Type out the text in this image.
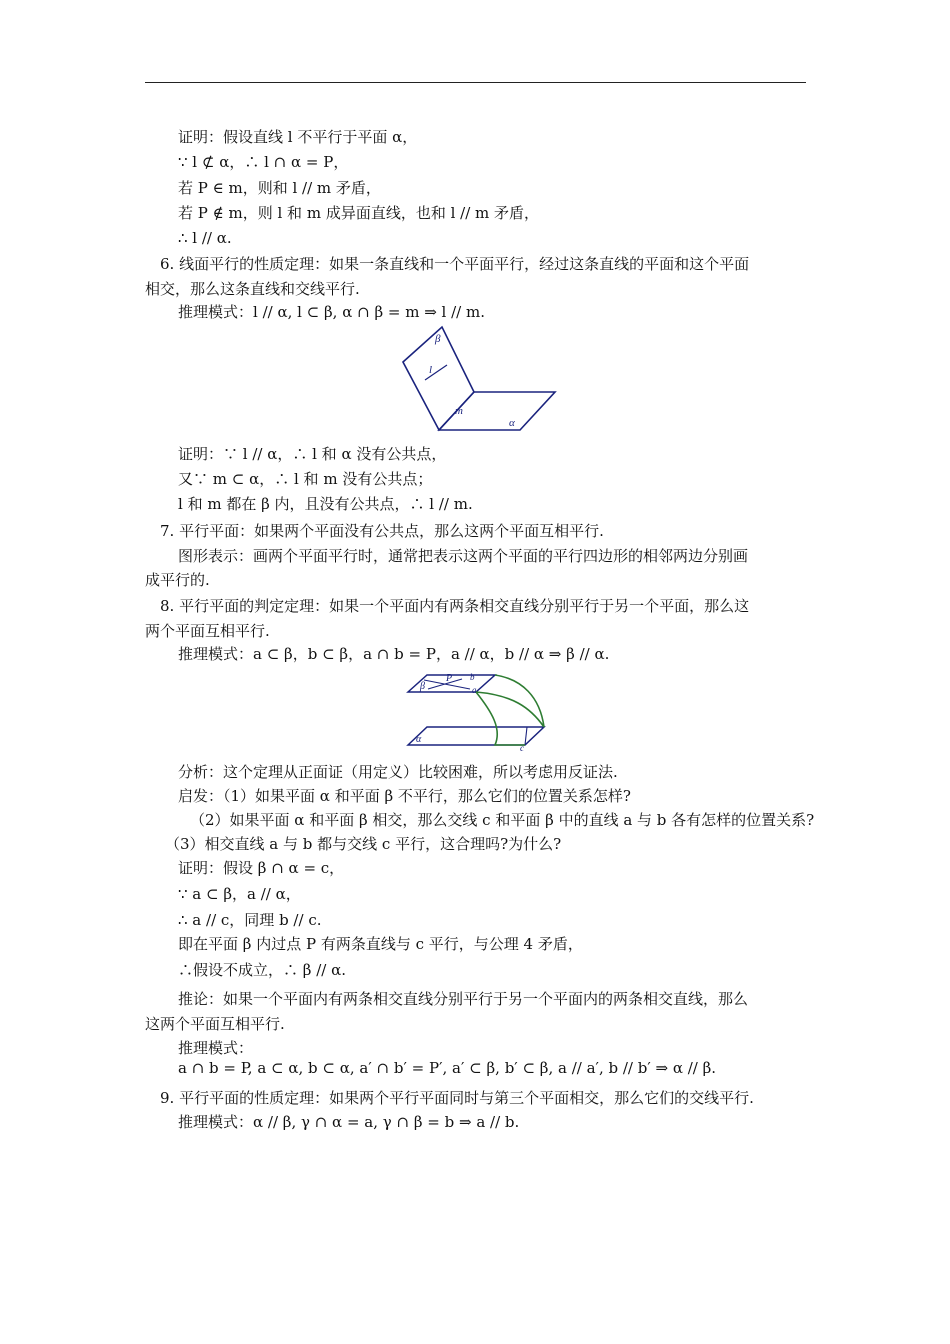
证明：假设直线 l 不平行于平面 α，
∵ l ⊄ α，∴ l ∩ α = P，
若 P ∈ m，则和 l // m 矛盾，
若 P ∉ m，则 l 和 m 成异面直线，也和 l // m 矛盾，
∴ l // α.
6. 线面平行的性质定理：如果一条直线和一个平面平行，经过这条直线的平面和这个平面
相交，那么这条直线和交线平行.
推理模式：l // α, l ⊂ β, α ∩ β = m ⇒ l // m.
证明：∵ l // α，∴ l 和 α 没有公共点，
又∵ m ⊂ α，∴ l 和 m 没有公共点；
l 和 m 都在 β 内，且没有公共点，∴ l // m.
7. 平行平面：如果两个平面没有公共点，那么这两个平面互相平行.
图形表示：画两个平面平行时，通常把表示这两个平面的平行四边形的相邻两边分别画
成平行的.
8. 平行平面的判定定理：如果一个平面内有两条相交直线分别平行于另一个平面，那么这
两个平面互相平行.
推理模式：a ⊂ β，b ⊂ β，a ∩ b = P，a // α，b // α ⇒ β // α.
分析：这个定理从正面证（用定义）比较困难，所以考虑用反证法.
启发：（1）如果平面 α 和平面 β 不平行，那么它们的位置关系怎样?
（2）如果平面 α 和平面 β 相交，那么交线 c 和平面 β 中的直线 a 与 b 各有怎样的位置关系?
（3）相交直线 a 与 b 都与交线 c 平行，这合理吗?为什么?
证明：假设 β ∩ α = c，
∵ a ⊂ β，a // α，
∴ a // c，同理 b // c.
即在平面 β 内过点 P 有两条直线与 c 平行，与公理 4 矛盾，
∴假设不成立，∴ β // α.
推论：如果一个平面内有两条相交直线分别平行于另一个平面内的两条相交直线，那么
这两个平面互相平行.
推理模式：
a ∩ b = P, a ⊂ α, b ⊂ α, a′ ∩ b′ = P′, a′ ⊂ β, b′ ⊂ β, a // a′, b // b′ ⇒ α // β.
9. 平行平面的性质定理：如果两个平行平面同时与第三个平面相交，那么它们的交线平行.
推理模式：α // β, γ ∩ α = a, γ ∩ β = b ⇒ a // b.
β
l
m
α
β
P b
a
α
c
